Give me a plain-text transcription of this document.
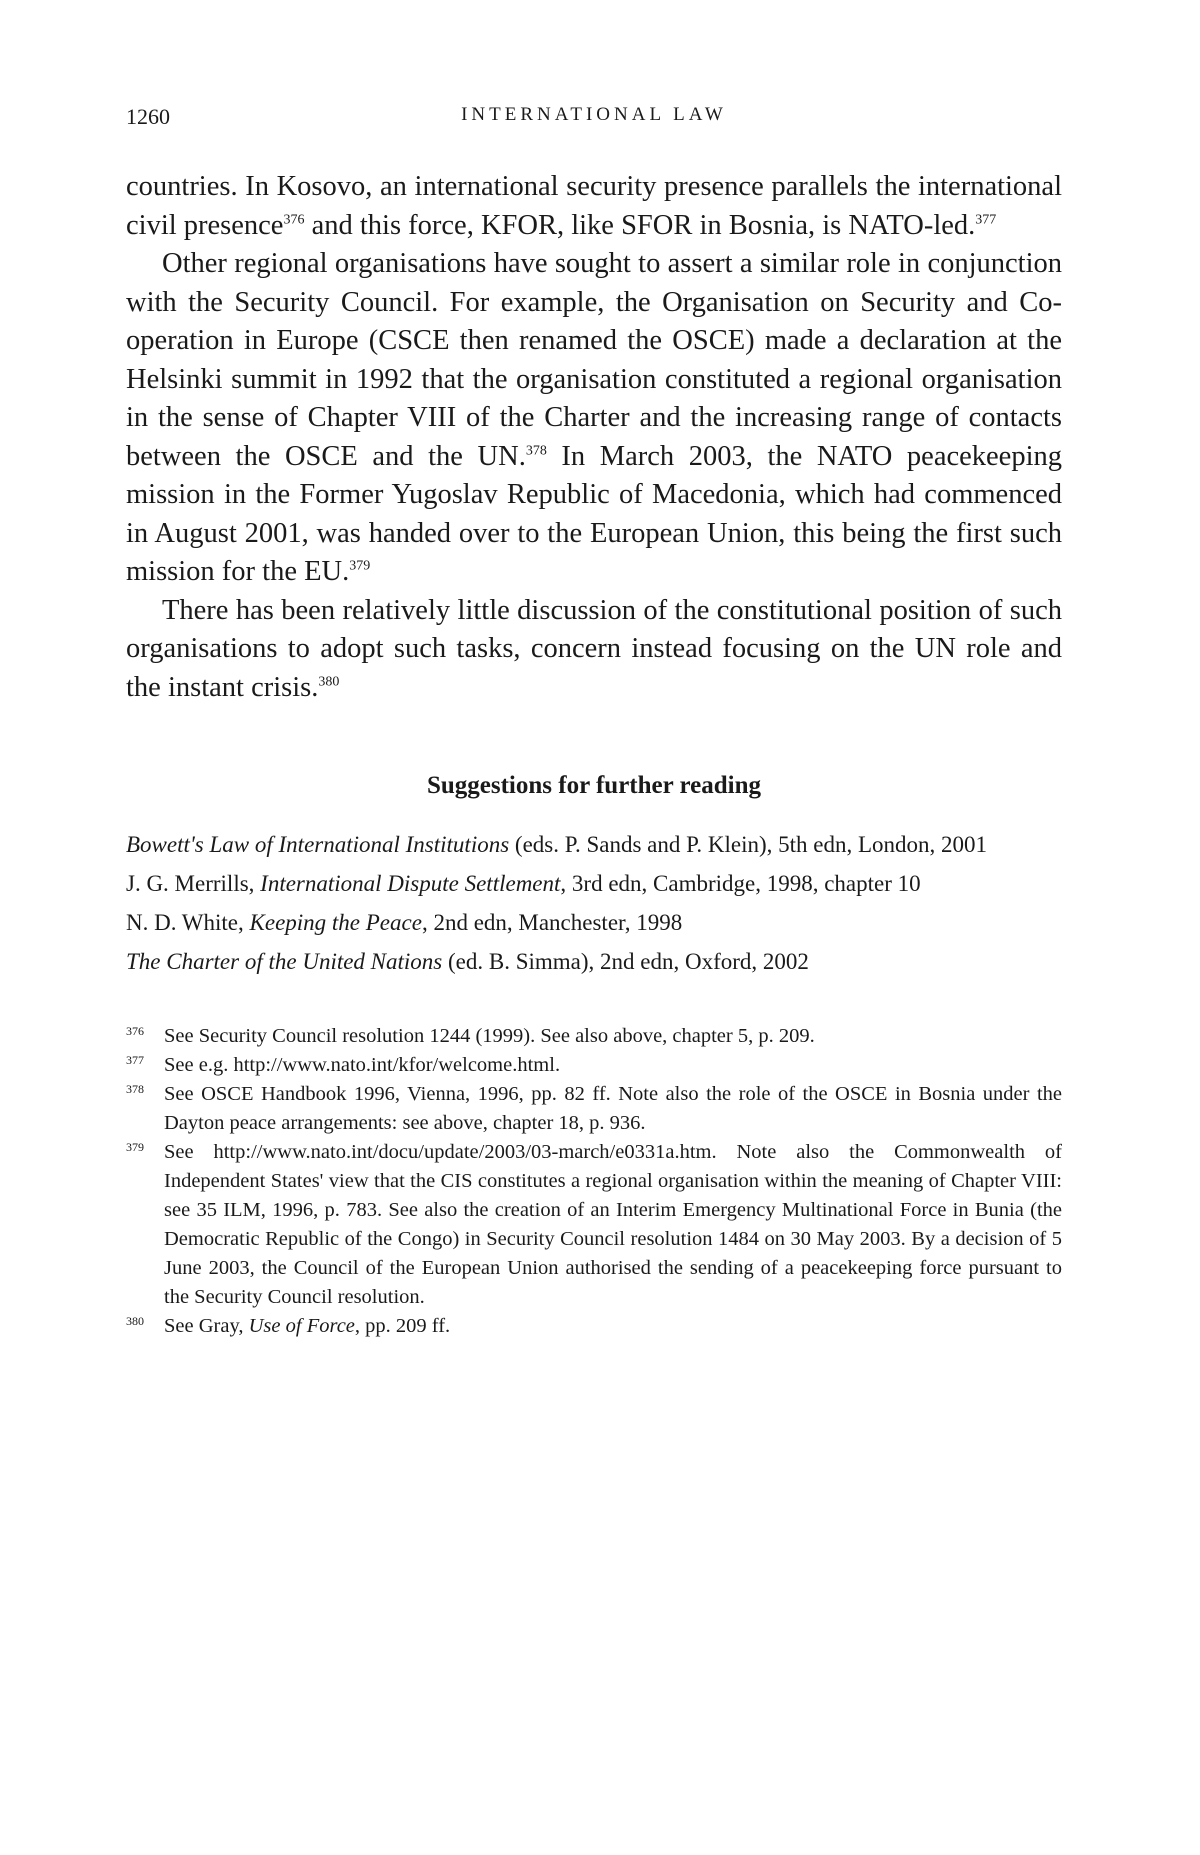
1260	INTERNATIONAL LAW

countries. In Kosovo, an international security presence parallels the international civil presence$^{376}$ and this force, KFOR, like SFOR in Bosnia, is NATO-led.$^{377}$

Other regional organisations have sought to assert a similar role in conjunction with the Security Council. For example, the Organisation on Security and Co-operation in Europe (CSCE then renamed the OSCE) made a declaration at the Helsinki summit in 1992 that the organisation constituted a regional organisation in the sense of Chapter VIII of the Charter and the increasing range of contacts between the OSCE and the UN.$^{378}$ In March 2003, the NATO peacekeeping mission in the Former Yugoslav Republic of Macedonia, which had commenced in August 2001, was handed over to the European Union, this being the first such mission for the EU.$^{379}$

There has been relatively little discussion of the constitutional position of such organisations to adopt such tasks, concern instead focusing on the UN role and the instant crisis.$^{380}$

Suggestions for further reading
Bowett's Law of International Institutions (eds. P. Sands and P. Klein), 5th edn, London, 2001
J. G. Merrills, International Dispute Settlement, 3rd edn, Cambridge, 1998, chapter 10
N. D. White, Keeping the Peace, 2nd edn, Manchester, 1998
The Charter of the United Nations (ed. B. Simma), 2nd edn, Oxford, 2002
376 See Security Council resolution 1244 (1999). See also above, chapter 5, p. 209.
377 See e.g. http://www.nato.int/kfor/welcome.html.
378 See OSCE Handbook 1996, Vienna, 1996, pp. 82 ff. Note also the role of the OSCE in Bosnia under the Dayton peace arrangements: see above, chapter 18, p. 936.
379 See http://www.nato.int/docu/update/2003/03-march/e0331a.htm. Note also the Commonwealth of Independent States' view that the CIS constitutes a regional organisation within the meaning of Chapter VIII: see 35 ILM, 1996, p. 783. See also the creation of an Interim Emergency Multinational Force in Bunia (the Democratic Republic of the Congo) in Security Council resolution 1484 on 30 May 2003. By a decision of 5 June 2003, the Council of the European Union authorised the sending of a peacekeeping force pursuant to the Security Council resolution.
380 See Gray, Use of Force, pp. 209 ff.
